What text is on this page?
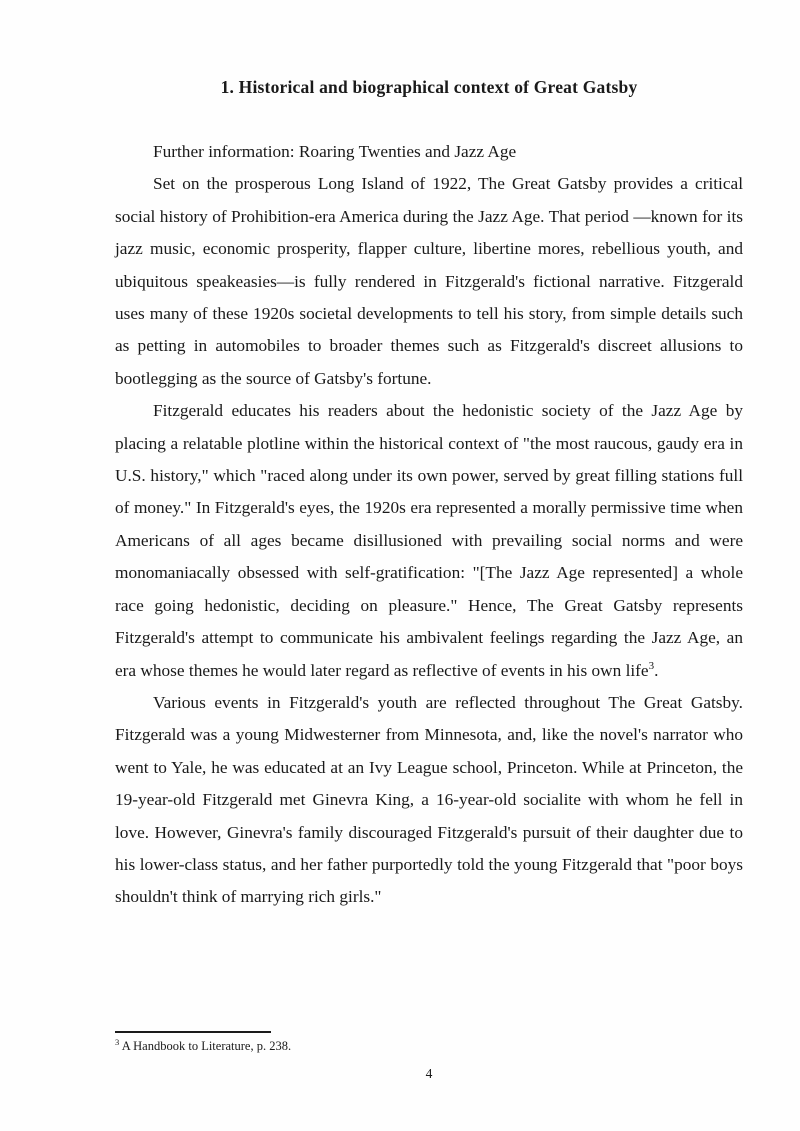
1. Historical and biographical context of Great Gatsby

Further information: Roaring Twenties and Jazz Age

Set on the prosperous Long Island of 1922, The Great Gatsby provides a critical social history of Prohibition-era America during the Jazz Age. That period —known for its jazz music, economic prosperity, flapper culture, libertine mores, rebellious youth, and ubiquitous speakeasies—is fully rendered in Fitzgerald's fictional narrative. Fitzgerald uses many of these 1920s societal developments to tell his story, from simple details such as petting in automobiles to broader themes such as Fitzgerald's discreet allusions to bootlegging as the source of Gatsby's fortune.

Fitzgerald educates his readers about the hedonistic society of the Jazz Age by placing a relatable plotline within the historical context of "the most raucous, gaudy era in U.S. history," which "raced along under its own power, served by great filling stations full of money." In Fitzgerald's eyes, the 1920s era represented a morally permissive time when Americans of all ages became disillusioned with prevailing social norms and were monomaniacally obsessed with self-gratification: "[The Jazz Age represented] a whole race going hedonistic, deciding on pleasure." Hence, The Great Gatsby represents Fitzgerald's attempt to communicate his ambivalent feelings regarding the Jazz Age, an era whose themes he would later regard as reflective of events in his own life$^3$.

Various events in Fitzgerald's youth are reflected throughout The Great Gatsby. Fitzgerald was a young Midwesterner from Minnesota, and, like the novel's narrator who went to Yale, he was educated at an Ivy League school, Princeton. While at Princeton, the 19-year-old Fitzgerald met Ginevra King, a 16-year-old socialite with whom he fell in love. However, Ginevra's family discouraged Fitzgerald's pursuit of their daughter due to his lower-class status, and her father purportedly told the young Fitzgerald that "poor boys shouldn't think of marrying rich girls."

$^3$ A Handbook to Literature, p. 238.
4
